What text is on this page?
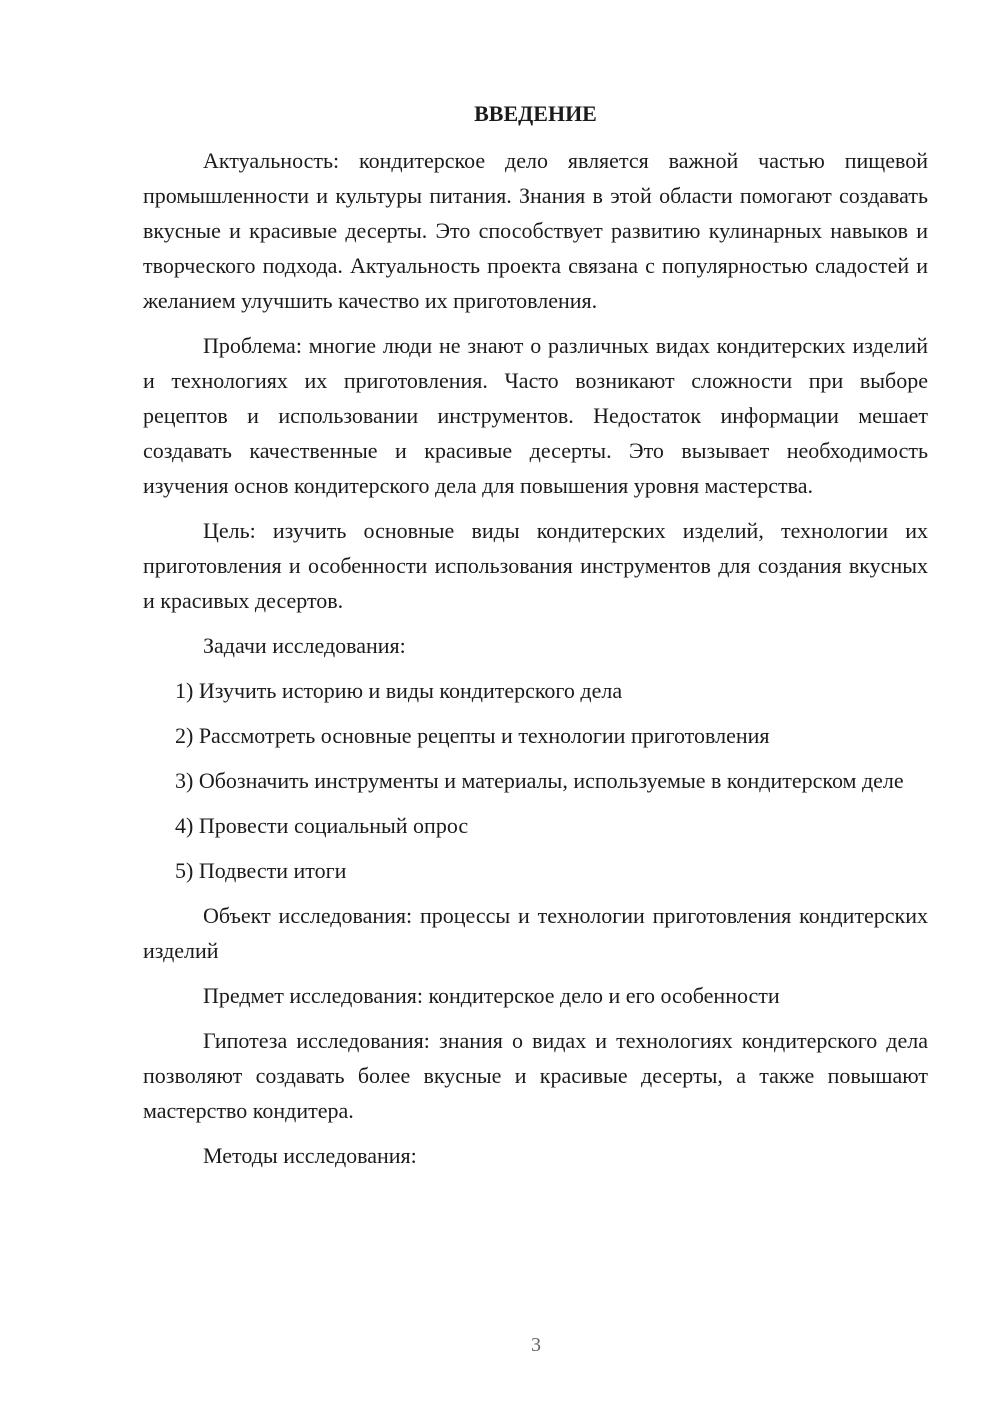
ВВЕДЕНИЕ

Актуальность: кондитерское дело является важной частью пищевой промышленности и культуры питания. Знания в этой области помогают создавать вкусные и красивые десерты. Это способствует развитию кулинарных навыков и творческого подхода. Актуальность проекта связана с популярностью сладостей и желанием улучшить качество их приготовления.

Проблема: многие люди не знают о различных видах кондитерских изделий и технологиях их приготовления. Часто возникают сложности при выборе рецептов и использовании инструментов. Недостаток информации мешает создавать качественные и красивые десерты. Это вызывает необходимость изучения основ кондитерского дела для повышения уровня мастерства.

Цель: изучить основные виды кондитерских изделий, технологии их приготовления и особенности использования инструментов для создания вкусных и красивых десертов.

Задачи исследования:

1) Изучить историю и виды кондитерского дела

2) Рассмотреть основные рецепты и технологии приготовления

3) Обозначить инструменты и материалы, используемые в кондитерском деле

4) Провести социальный опрос

5) Подвести итоги

Объект исследования: процессы и технологии приготовления кондитерских изделий

Предмет исследования: кондитерское дело и его особенности

Гипотеза исследования: знания о видах и технологиях кондитерского дела позволяют создавать более вкусные и красивые десерты, а также повышают мастерство кондитера.

Методы исследования:

3
